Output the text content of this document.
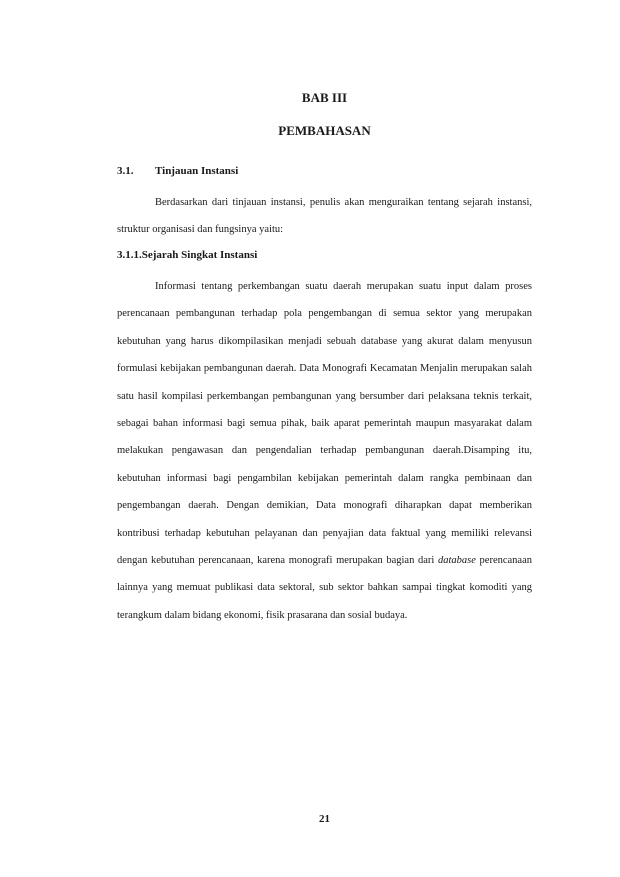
BAB III
PEMBAHASAN
3.1. Tinjauan Instansi
Berdasarkan dari tinjauan instansi, penulis akan menguraikan tentang sejarah instansi, struktur organisasi dan fungsinya yaitu:
3.1.1.Sejarah Singkat Instansi
Informasi tentang perkembangan suatu daerah merupakan suatu input dalam proses perencanaan pembangunan terhadap pola pengembangan di semua sektor yang merupakan kebutuhan yang harus dikompilasikan menjadi sebuah database yang akurat dalam menyusun formulasi kebijakan pembangunan daerah. Data Monografi Kecamatan Menjalin merupakan salah satu hasil kompilasi perkembangan pembangunan yang bersumber dari pelaksana teknis terkait, sebagai bahan informasi bagi semua pihak, baik aparat pemerintah maupun masyarakat dalam melakukan pengawasan dan pengendalian terhadap pembangunan daerah.Disamping itu, kebutuhan informasi bagi pengambilan kebijakan pemerintah dalam rangka pembinaan dan pengembangan daerah. Dengan demikian, Data monografi diharapkan dapat memberikan kontribusi terhadap kebutuhan pelayanan dan penyajian data faktual yang memiliki relevansi dengan kebutuhan perencanaan, karena monografi merupakan bagian dari database perencanaan lainnya yang memuat publikasi data sektoral, sub sektor bahkan sampai tingkat komoditi yang terangkum dalam bidang ekonomi, fisik prasarana dan sosial budaya.
21
